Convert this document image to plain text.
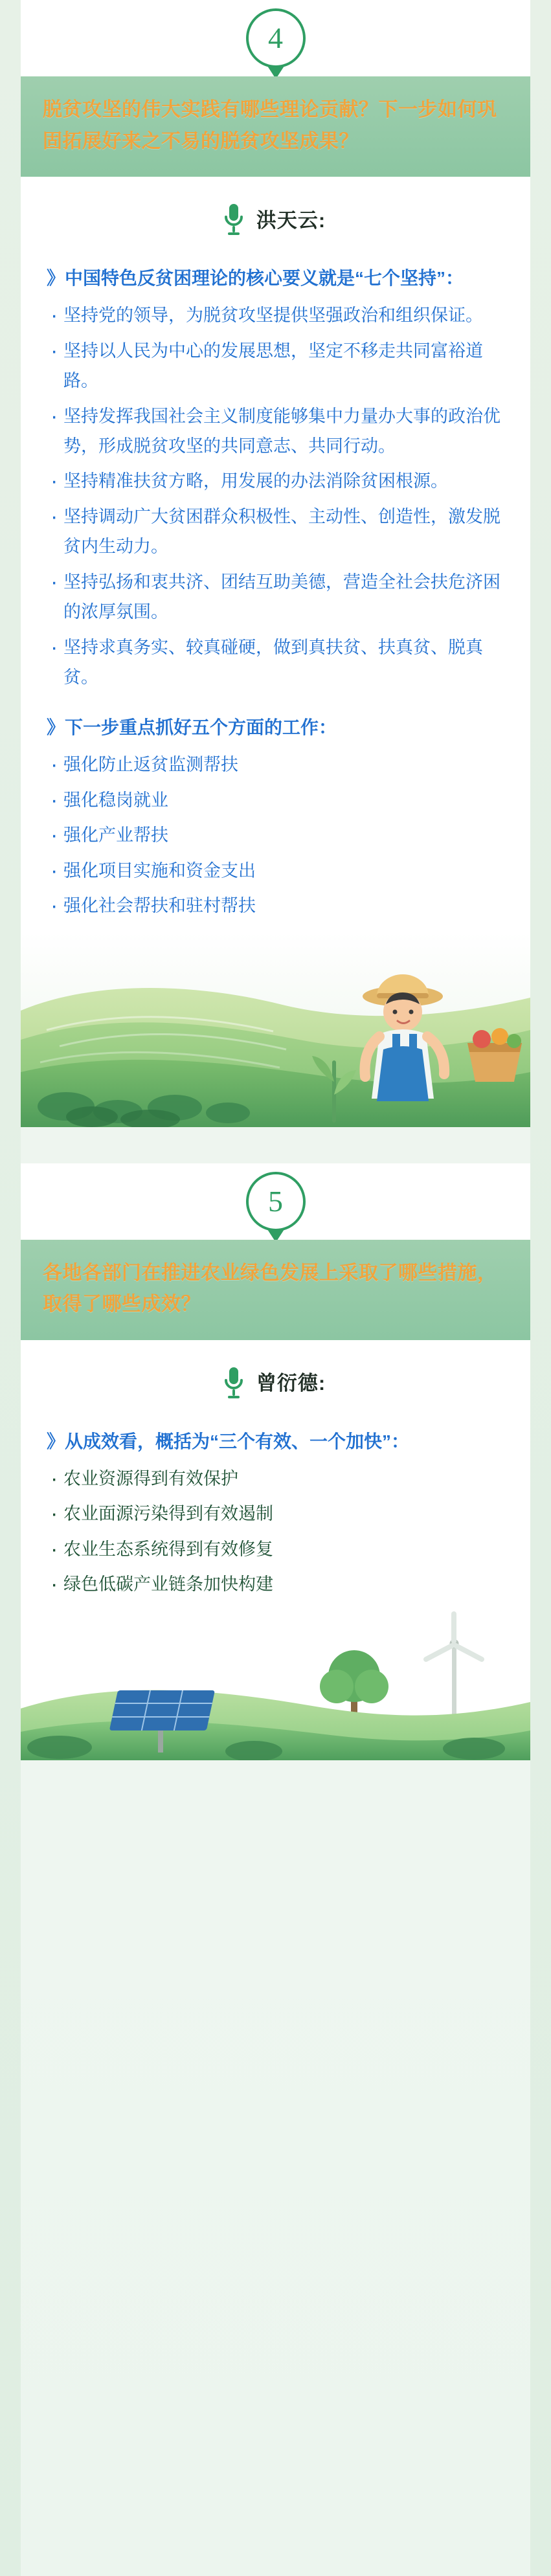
4

脱贫攻坚的伟大实践有哪些理论贡献？下一步如何巩固拓展好来之不易的脱贫攻坚成果？

洪天云:

》中国特色反贫困理论的核心要义就是“七个坚持”：

· 坚持党的领导，为脱贫攻坚提供坚强政治和组织保证。
· 坚持以人民为中心的发展思想，坚定不移走共同富裕道路。
· 坚持发挥我国社会主义制度能够集中力量办大事的政治优势，形成脱贫攻坚的共同意志、共同行动。
· 坚持精准扶贫方略，用发展的办法消除贫困根源。
· 坚持调动广大贫困群众积极性、主动性、创造性，激发脱贫内生动力。
· 坚持弘扬和衷共济、团结互助美德，营造全社会扶危济困的浓厚氛围。
· 坚持求真务实、较真碰硬，做到真扶贫、扶真贫、脱真贫。

》下一步重点抓好五个方面的工作：

· 强化防止返贫监测帮扶
· 强化稳岗就业
· 强化产业帮扶
· 强化项目实施和资金支出
· 强化社会帮扶和驻村帮扶
5

各地各部门在推进农业绿色发展上采取了哪些措施，取得了哪些成效？

曾衍德:

》从成效看，概括为“三个有效、一个加快”：

· 农业资源得到有效保护
· 农业面源污染得到有效遏制
· 农业生态系统得到有效修复
· 绿色低碳产业链条加快构建
